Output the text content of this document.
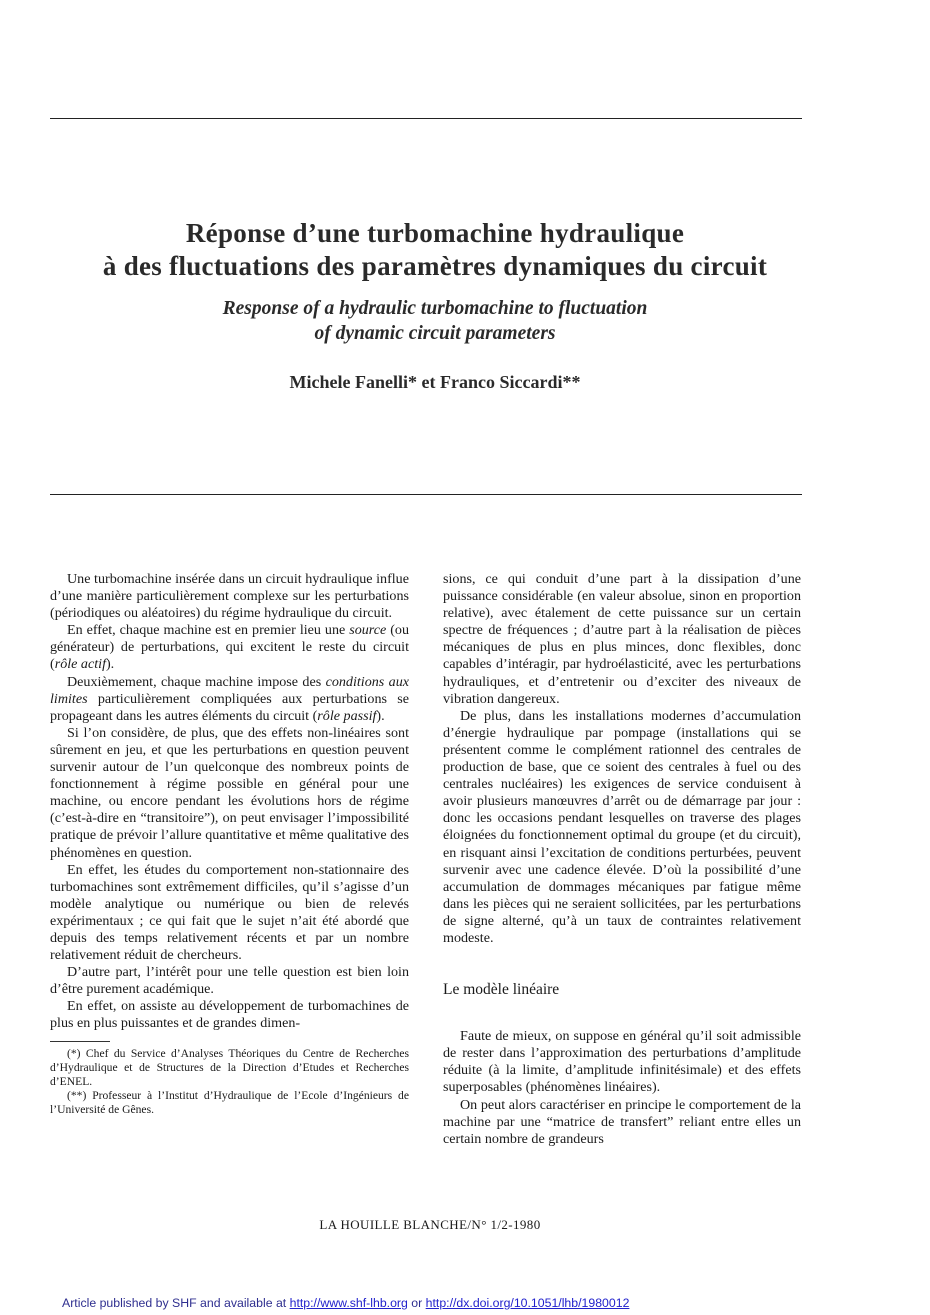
Réponse d’une turbomachine hydraulique
à des fluctuations des paramètres dynamiques du circuit
Response of a hydraulic turbomachine to fluctuation
of dynamic circuit parameters
Michele Fanelli* et Franco Siccardi**

Une turbomachine insérée dans un circuit hydraulique influe d’une manière particulièrement complexe sur les perturbations (périodiques ou aléatoires) du régime hydraulique du circuit.

En effet, chaque machine est en premier lieu une source (ou générateur) de perturbations, qui excitent le reste du circuit (rôle actif).

Deuxièmement, chaque machine impose des conditions aux limites particulièrement compliquées aux perturbations se propageant dans les autres éléments du circuit (rôle passif).

Si l’on considère, de plus, que des effets non-linéaires sont sûrement en jeu, et que les perturbations en question peuvent survenir autour de l’un quelconque des nombreux points de fonctionnement à régime possible en général pour une machine, ou encore pendant les évolutions hors de régime (c’est-à-dire en “transitoire”), on peut envisager l’impossibilité pratique de prévoir l’allure quantitative et même qualitative des phénomènes en question.

En effet, les études du comportement non-stationnaire des turbomachines sont extrêmement difficiles, qu’il s’agisse d’un modèle analytique ou numérique ou bien de relevés expérimentaux ; ce qui fait que le sujet n’ait été abordé que depuis des temps relativement récents et par un nombre relativement réduit de chercheurs.

D’autre part, l’intérêt pour une telle question est bien loin d’être purement académique.

En effet, on assiste au développement de turbomachines de plus en plus puissantes et de grandes dimen-

(*) Chef du Service d’Analyses Théoriques du Centre de Recherches d’Hydraulique et de Structures de la Direction d’Etudes et Recherches d’ENEL.

(**) Professeur à l’Institut d’Hydraulique de l’Ecole d’Ingénieurs de l’Université de Gênes.

sions, ce qui conduit d’une part à la dissipation d’une puissance considérable (en valeur absolue, sinon en proportion relative), avec étalement de cette puissance sur un certain spectre de fréquences ; d’autre part à la réalisation de pièces mécaniques de plus en plus minces, donc flexibles, donc capables d’intéragir, par hydroélasticité, avec les perturbations hydrauliques, et d’entretenir ou d’exciter des niveaux de vibration dangereux.

De plus, dans les installations modernes d’accumulation d’énergie hydraulique par pompage (installations qui se présentent comme le complément rationnel des centrales de production de base, que ce soient des centrales à fuel ou des centrales nucléaires) les exigences de service conduisent à avoir plusieurs manœuvres d’arrêt ou de démarrage par jour : donc les occasions pendant lesquelles on traverse des plages éloignées du fonctionnement optimal du groupe (et du circuit), en risquant ainsi l’excitation de conditions perturbées, peuvent survenir avec une cadence élevée. D’où la possibilité d’une accumulation de dommages mécaniques par fatigue même dans les pièces qui ne seraient sollicitées, par les perturbations de signe alterné, qu’à un taux de contraintes relativement modeste.

Le modèle linéaire

Faute de mieux, on suppose en général qu’il soit admissible de rester dans l’approximation des perturbations d’amplitude réduite (à la limite, d’amplitude infinitésimale) et des effets superposables (phénomènes linéaires).

On peut alors caractériser en principe le comportement de la machine par une “matrice de transfert” reliant entre elles un certain nombre de grandeurs

LA HOUILLE BLANCHE/N° 1/2-1980
Article published by SHF and available at http://www.shf-lhb.org or http://dx.doi.org/10.1051/lhb/1980012
